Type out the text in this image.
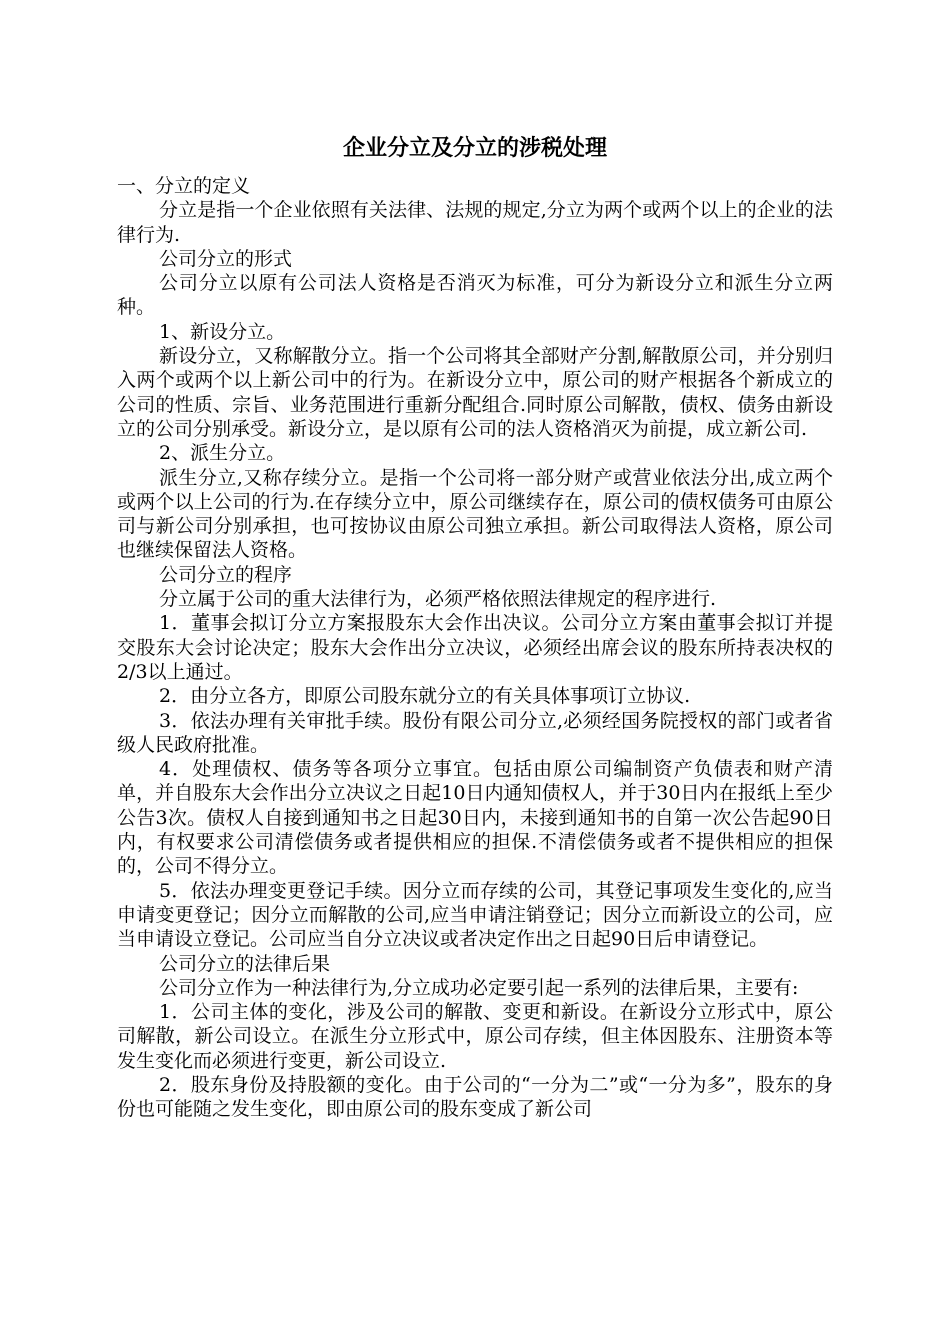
企业分立及分立的涉税处理

一、分立的定义

分立是指一个企业依照有关法律、法规的规定,分立为两个或两个以上的企业的法律行为.

公司分立的形式

公司分立以原有公司法人资格是否消灭为标准，可分为新设分立和派生分立两种。

1、新设分立。

新设分立，又称解散分立。指一个公司将其全部财产分割,解散原公司，并分别归入两个或两个以上新公司中的行为。在新设分立中，原公司的财产根据各个新成立的公司的性质、宗旨、业务范围进行重新分配组合.同时原公司解散，债权、债务由新设立的公司分别承受。新设分立，是以原有公司的法人资格消灭为前提，成立新公司.

2、派生分立。

派生分立,又称存续分立。是指一个公司将一部分财产或营业依法分出,成立两个或两个以上公司的行为.在存续分立中，原公司继续存在，原公司的债权债务可由原公司与新公司分别承担，也可按协议由原公司独立承担。新公司取得法人资格，原公司也继续保留法人资格。

公司分立的程序

分立属于公司的重大法律行为，必须严格依照法律规定的程序进行.

1．董事会拟订分立方案报股东大会作出决议。公司分立方案由董事会拟订并提交股东大会讨论决定；股东大会作出分立决议，必须经出席会议的股东所持表决权的2/3以上通过。

2．由分立各方，即原公司股东就分立的有关具体事项订立协议.

3．依法办理有关审批手续。股份有限公司分立,必须经国务院授权的部门或者省级人民政府批准。

4．处理债权、债务等各项分立事宜。包括由原公司编制资产负债表和财产清单，并自股东大会作出分立决议之日起10日内通知债权人，并于30日内在报纸上至少公告3次。债权人自接到通知书之日起30日内，未接到通知书的自第一次公告起90日内，有权要求公司清偿债务或者提供相应的担保.不清偿债务或者不提供相应的担保的，公司不得分立。

5．依法办理变更登记手续。因分立而存续的公司，其登记事项发生变化的,应当申请变更登记；因分立而解散的公司,应当申请注销登记；因分立而新设立的公司，应当申请设立登记。公司应当自分立决议或者决定作出之日起90日后申请登记。

公司分立的法律后果

公司分立作为一种法律行为,分立成功必定要引起一系列的法律后果，主要有:

1．公司主体的变化，涉及公司的解散、变更和新设。在新设分立形式中，原公司解散，新公司设立。在派生分立形式中，原公司存续，但主体因股东、注册资本等发生变化而必须进行变更，新公司设立.

2．股东身份及持股额的变化。由于公司的“一分为二”或“一分为多”，股东的身份也可能随之发生变化，即由原公司的股东变成了新公司
